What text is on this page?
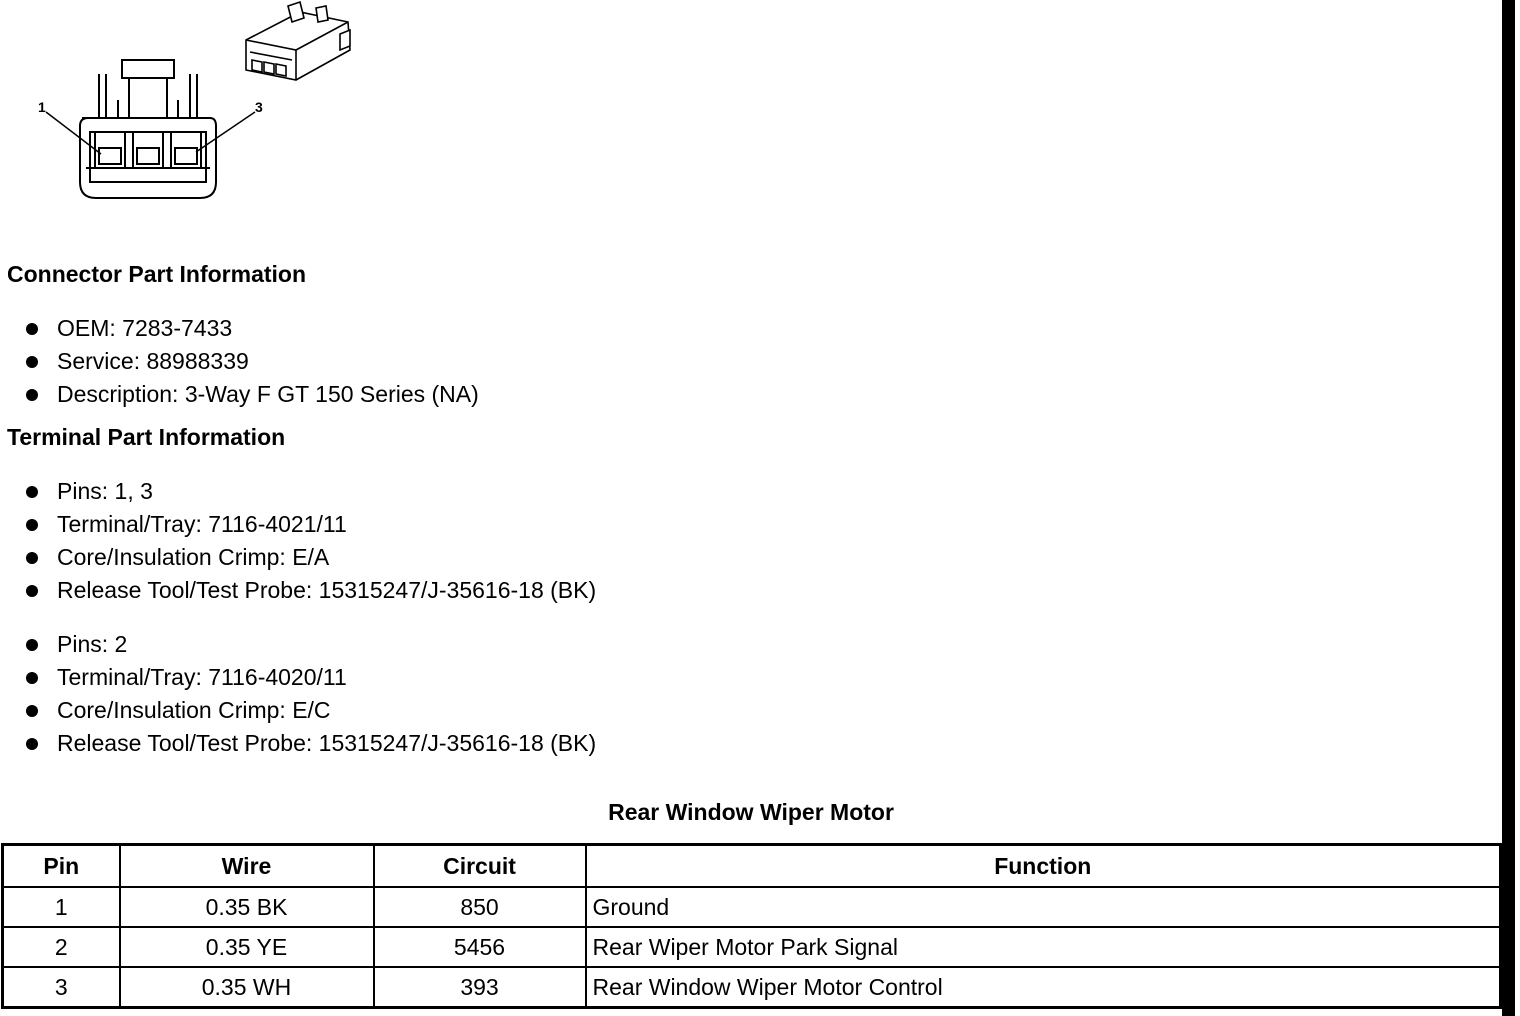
1	3
Connector Part Information
OEM: 7283-7433
Service: 88988339
Description: 3-Way F GT 150 Series (NA)
Terminal Part Information
Pins: 1, 3
Terminal/Tray: 7116-4021/11
Core/Insulation Crimp: E/A
Release Tool/Test Probe: 15315247/J-35616-18 (BK)
Pins: 2
Terminal/Tray: 7116-4020/11
Core/Insulation Crimp: E/C
Release Tool/Test Probe: 15315247/J-35616-18 (BK)
Rear Window Wiper Motor
Pin	Wire	Circuit	Function
1	0.35 BK	850	Ground
2	0.35 YE	5456	Rear Wiper Motor Park Signal
3	0.35 WH	393	Rear Window Wiper Motor Control
